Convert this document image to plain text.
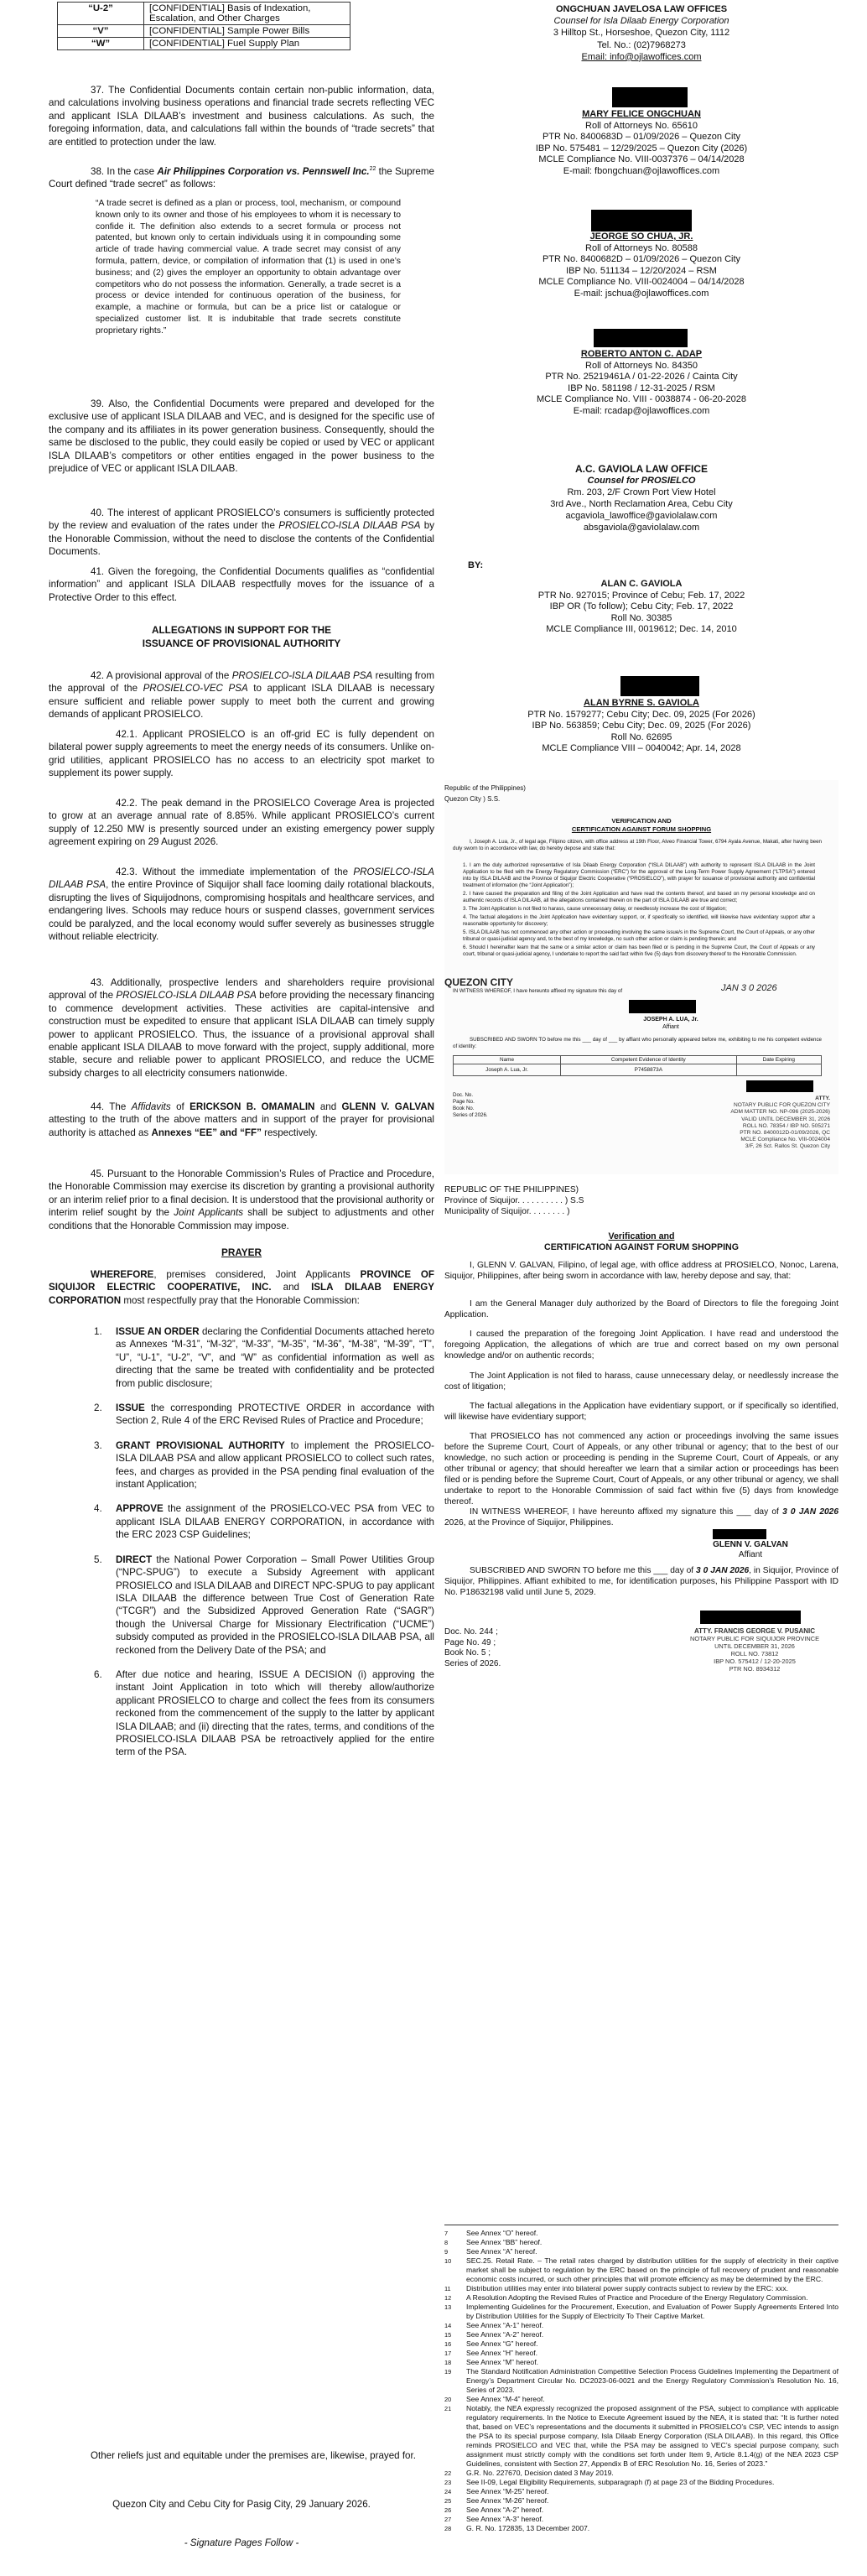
“U-2”	[CONFIDENTIAL] Basis of Indexation, Escalation, and Other Charges
“V”	[CONFIDENTIAL] Sample Power Bills
“W”	[CONFIDENTIAL] Fuel Supply Plan

37. The Confidential Documents contain certain non-public information, data, and calculations involving business operations and financial trade secrets reflecting VEC and applicant ISLA DILAAB’s investment and business calculations. As such, the foregoing information, data, and calculations fall within the bounds of “trade secrets” that are entitled to protection under the law.

38. In the case Air Philippines Corporation vs. Pennswell Inc.$^{22}$ the Supreme Court defined “trade secret” as follows:

“A trade secret is defined as a plan or process, tool, mechanism, or compound known only to its owner and those of his employees to whom it is necessary to confide it. The definition also extends to a secret formula or process not patented, but known only to certain individuals using it in compounding some article of trade having commercial value. A trade secret may consist of any formula, pattern, device, or compilation of information that (1) is used in one’s business; and (2) gives the employer an opportunity to obtain advantage over competitors who do not possess the information. Generally, a trade secret is a process or device intended for continuous operation of the business, for example, a machine or formula, but can be a price list or catalogue or specialized customer list. It is indubitable that trade secrets constitute proprietary rights.”

39. Also, the Confidential Documents were prepared and developed for the exclusive use of applicant ISLA DILAAB and VEC, and is designed for the specific use of the company and its affiliates in its power generation business. Consequently, should the same be disclosed to the public, they could easily be copied or used by VEC or applicant ISLA DILAAB’s competitors or other entities engaged in the power business to the prejudice of VEC or applicant ISLA DILAAB.

40. The interest of applicant PROSIELCO’s consumers is sufficiently protected by the review and evaluation of the rates under the PROSIELCO-ISLA DILAAB PSA by the Honorable Commission, without the need to disclose the contents of the Confidential Documents.

41. Given the foregoing, the Confidential Documents qualifies as “confidential information” and applicant ISLA DILAAB respectfully moves for the issuance of a Protective Order to this effect.

ALLEGATIONS IN SUPPORT FOR THE

ISSUANCE OF PROVISIONAL AUTHORITY

42. A provisional approval of the PROSIELCO-ISLA DILAAB PSA resulting from the approval of the PROSIELCO-VEC PSA to applicant ISLA DILAAB is necessary ensure sufficient and reliable power supply to meet both the current and growing demands of applicant PROSIELCO.

42.1. Applicant PROSIELCO is an off-grid EC is fully dependent on bilateral power supply agreements to meet the energy needs of its consumers. Unlike on-grid utilities, applicant PROSIELCO has no access to an electricity spot market to supplement its power supply.

42.2. The peak demand in the PROSIELCO Coverage Area is projected to grow at an average annual rate of 8.85%. While applicant PROSIELCO’s current supply of 12.250 MW is presently sourced under an existing emergency power supply agreement expiring on 29 August 2026.

42.3. Without the immediate implementation of the PROSIELCO-ISLA DILAAB PSA, the entire Province of Siquijor shall face looming daily rotational blackouts, disrupting the lives of Siquijodnons, compromising hospitals and healthcare services, and endangering lives. Schools may reduce hours or suspend classes, government services could be paralyzed, and the local economy would suffer severely as businesses struggle without reliable electricity.

43. Additionally, prospective lenders and shareholders require provisional approval of the PROSIELCO-ISLA DILAAB PSA before providing the necessary financing to commence development activities. These activities are capital-intensive and construction must be expedited to ensure that applicant ISLA DILAAB can timely supply power to applicant PROSIELCO. Thus, the issuance of a provisional approval shall enable applicant ISLA DILAAB to move forward with the project, supply additional, more stable, secure and reliable power to applicant PROSIELCO, and reduce the UCME subsidy charges to all electricity consumers nationwide.

44. The Affidavits of ERICKSON B. OMAMALIN and GLENN V. GALVAN attesting to the truth of the above matters and in support of the prayer for provisional authority is attached as Annexes “EE” and “FF” respectively.

45. Pursuant to the Honorable Commission’s Rules of Practice and Procedure, the Honorable Commission may exercise its discretion by granting a provisional authority or an interim relief prior to a final decision. It is understood that the provisional authority or interim relief sought by the Joint Applicants shall be subject to adjustments and other conditions that the Honorable Commission may impose.

PRAYER

WHEREFORE, premises considered, Joint Applicants PROVINCE OF SIQUIJOR ELECTRIC COOPERATIVE, INC. and ISLA DILAAB ENERGY CORPORATION most respectfully pray that the Honorable Commission:

1. ISSUE AN ORDER declaring the Confidential Documents attached hereto as Annexes “M-31”, “M-32”, “M-33”, “M-35”, “M-36”, “M-38”, “M-39”, “T”, “U”, “U-1”, “U-2”, “V”, and “W” as confidential information as well as directing that the same be treated with confidentiality and be protected from public disclosure;
2. ISSUE the corresponding PROTECTIVE ORDER in accordance with Section 2, Rule 4 of the ERC Revised Rules of Practice and Procedure;
3. GRANT PROVISIONAL AUTHORITY to implement the PROSIELCO-ISLA DILAAB PSA and allow applicant PROSIELCO to collect such rates, fees, and charges as provided in the PSA pending final evaluation of the instant Application;
4. APPROVE the assignment of the PROSIELCO-VEC PSA from VEC to applicant ISLA DILAAB ENERGY CORPORATION, in accordance with the ERC 2023 CSP Guidelines;
5. DIRECT the National Power Corporation – Small Power Utilities Group (“NPC-SPUG”) to execute a Subsidy Agreement with applicant PROSIELCO and ISLA DILAAB and DIRECT NPC-SPUG to pay applicant ISLA DILAAB the difference between True Cost of Generation Rate (“TCGR”) and the Subsidized Approved Generation Rate (“SAGR”) though the Universal Charge for Missionary Electrification (“UCME”) subsidy computed as provided in the PROSIELCO-ISLA DILAAB PSA, all reckoned from the Delivery Date of the PSA; and
6. After due notice and hearing, ISSUE A DECISION (i) approving the instant Joint Application in toto which will thereby allow/authorize applicant PROSIELCO to charge and collect the fees from its consumers reckoned from the commencement of the supply to the latter by applicant ISLA DILAAB; and (ii) directing that the rates, terms, and conditions of the PROSIELCO-ISLA DILAAB PSA be retroactively applied for the entire term of the PSA.

Other reliefs just and equitable under the premises are, likewise, prayed for.

Quezon City and Cebu City for Pasig City, 29 January 2026.

- Signature Pages Follow -

ONGCHUAN JAVELOSA LAW OFFICES

Counsel for Isla Dilaab Energy Corporation

3 Hilltop St., Horseshoe, Quezon City, 1112

Tel. No.: (02)7968273

Email: info@ojlawoffices.com

MARY FELICE ONGCHUAN

Roll of Attorneys No. 65610

PTR No. 8400683D – 01/09/2026 – Quezon City

IBP No. 575481 – 12/29/2025 – Quezon City (2026)

MCLE Compliance No. VIII-0037376 – 04/14/2028

E-mail: fbongchuan@ojlawoffices.com

JEORGE SO CHUA, JR.

Roll of Attorneys No. 80588

PTR No. 8400682D – 01/09/2026 – Quezon City

IBP No. 511134 – 12/20/2024 – RSM

MCLE Compliance No. VIII-0024004 – 04/14/2028

E-mail: jschua@ojlawoffices.com

ROBERTO ANTON C. ADAP

Roll of Attorneys No. 84350

PTR No. 25219461A / 01-22-2026 / Cainta City

IBP No. 581198 / 12-31-2025 / RSM

MCLE Compliance No. VIII - 0038874 - 06-20-2028

E-mail: rcadap@ojlawoffices.com

A.C. GAVIOLA LAW OFFICE

Counsel for PROSIELCO

Rm. 203, 2/F Crown Port View Hotel

3rd Ave., North Reclamation Area, Cebu City

acgaviola_lawoffice@gaviolalaw.com

absgaviola@gaviolalaw.com

BY:

ALAN C. GAVIOLA

PTR No. 927015; Province of Cebu; Feb. 17, 2022

IBP OR (To follow); Cebu City; Feb. 17, 2022

Roll No. 30385

MCLE Compliance III, 0019612; Dec. 14, 2010

ALAN BYRNE S. GAVIOLA

PTR No. 1579277; Cebu City; Dec. 09, 2025 (For 2026)

IBP No. 563859; Cebu City; Dec. 09, 2025 (For 2026)

Roll No. 62695

MCLE Compliance VIII – 0040042; Apr. 14, 2028

Republic of the Philippines)

Quezon City ) S.S.

VERIFICATION AND

CERTIFICATION AGAINST FORUM SHOPPING

I, Joseph A. Lua, Jr., of legal age, Filipino citizen, with office address at 19th Floor, Alveo Financial Tower, 6794 Ayala Avenue, Makati, after having been duly sworn to in accordance with law, do hereby depose and state that:

1. I am the duly authorized representative of Isla Dilaab Energy Corporation (“ISLA DILAAB”) with authority to represent ISLA DILAAB in the Joint Application to be filed with the Energy Regulatory Commission (“ERC”) for the approval of the Long-Term Power Supply Agreement (“LTPSA”) entered into by ISLA DILAAB and the Province of Siquijor Electric Cooperative (“PROSIELCO”), with prayer for issuance of provisional authority and confidential treatment of information (the “Joint Application”);

2. I have caused the preparation and filing of the Joint Application and have read the contents thereof, and based on my personal knowledge and on authentic records of ISLA DILAAB, all the allegations contained therein on the part of ISLA DILAAB are true and correct;

3. The Joint Application is not filed to harass, cause unnecessary delay, or needlessly increase the cost of litigation;

4. The factual allegations in the Joint Application have evidentiary support, or, if specifically so identified, will likewise have evidentiary support after a reasonable opportunity for discovery;

5. ISLA DILAAB has not commenced any other action or proceeding involving the same issue/s in the Supreme Court, the Court of Appeals, or any other tribunal or quasi-judicial agency and, to the best of my knowledge, no such other action or claim is pending therein; and

6. Should I hereinafter learn that the same or a similar action or claim has been filed or is pending in the Supreme Court, the Court of Appeals or any court, tribunal or quasi-judicial agency, I undertake to report the said fact within five (5) days from discovery thereof to the Honorable Commission.

IN WITNESS WHEREOF, I have hereunto affixed my signature this day of

QUEZON CITY	JAN 3 0 2026

JOSEPH A. LUA, Jr.

Affiant

SUBSCRIBED AND SWORN TO before me this ___ day of ___ by affiant who personally appeared before me, exhibiting to me his competent evidence of identity:

Name	Competent Evidence of Identity	Date Expiring
Joseph A. Lua, Jr.	P7458873A	

Doc. No.

Page No.

Book No.

Series of 2026.

ATTY.

NOTARY PUBLIC FOR QUEZON CITY

ADM MATTER NO. NP-096 (2025-2026)

VALID UNTIL DECEMBER 31, 2026

ROLL NO. 78354 / IBP NO. 505271

PTR NO. 8400012D-01/09/2026, QC

MCLE Compliance No. VIII-0024004

3/F, 26 Sct. Rallos St. Quezon City

REPUBLIC OF THE PHILIPPINES)

Province of Siquijor. . . . . . . . . . ) S.S

Municipality of Siquijor. . . . . . . . )

Verification and

CERTIFICATION AGAINST FORUM SHOPPING

I, GLENN V. GALVAN, Filipino, of legal age, with office address at PROSIELCO, Nonoc, Larena, Siquijor, Philippines, after being sworn in accordance with law, hereby depose and say, that:

I am the General Manager duly authorized by the Board of Directors to file the foregoing Joint Application.

I caused the preparation of the foregoing Joint Application. I have read and understood the foregoing Application, the allegations of which are true and correct based on my own personal knowledge and/or on authentic records;

The Joint Application is not filed to harass, cause unnecessary delay, or needlessly increase the cost of litigation;

The factual allegations in the Application have evidentiary support, or if specifically so identified, will likewise have evidentiary support;

That PROSIELCO has not commenced any action or proceedings involving the same issues before the Supreme Court, Court of Appeals, or any other tribunal or agency; that to the best of our knowledge, no such action or proceeding is pending in the Supreme Court, Court of Appeals, or any other tribunal or agency; that should hereafter we learn that a similar action or proceedings has been filed or is pending before the Supreme Court, Court of Appeals, or any other tribunal or agency, we shall undertake to report to the Honorable Commission of said fact within five (5) days from knowledge thereof.

IN WITNESS WHEREOF, I have hereunto affixed my signature this ___ day of 3 0 JAN 2026 2026, at the Province of Siquijor, Philippines.

GLENN V. GALVAN

Affiant

SUBSCRIBED AND SWORN TO before me this ___ day of 3 0 JAN 2026, in Siquijor, Province of Siquijor, Philippines. Affiant exhibited to me, for identification purposes, his Philippine Passport with ID No. P18632198 valid until June 5, 2029.

Doc. No. 244 ;

Page No. 49 ;

Book No. 5 ;

Series of 2026.

ATTY. FRANCIS GEORGE V. PUSANIC

NOTARY PUBLIC FOR SIQUIJOR PROVINCE

UNTIL DECEMBER 31, 2026

ROLL NO. 73812

IBP NO. 575412 / 12-20-2025

PTR NO. 8934312

7	See Annex “O” hereof.

8	See Annex “BB” hereof.

9	See Annex “A” hereof.

10 SEC.25. Retail Rate. – The retail rates charged by distribution utilities for the supply of electricity in their captive market shall be subject to regulation by the ERC based on the principle of full recovery of prudent and reasonable economic costs incurred, or such other principles that will promote efficiency as may be determined by the ERC.

11 Distribution utilities may enter into bilateral power supply contracts subject to review by the ERC: xxx.

12 A Resolution Adopting the Revised Rules of Practice and Procedure of the Energy Regulatory Commission.

13 Implementing Guidelines for the Procurement, Execution, and Evaluation of Power Supply Agreements Entered Into by Distribution Utilities for the Supply of Electricity To Their Captive Market.

14 See Annex “A-1” hereof.

15 See Annex “A-2” hereof.

16 See Annex “G” hereof.

17 See Annex “H” hereof.

18 See Annex “M” hereof.

19 The Standard Notification Administration Competitive Selection Process Guidelines Implementing the Department of Energy’s Department Circular No. DC2023-06-0021 and the Energy Regulatory Commission’s Resolution No. 16, Series of 2023.

20 See Annex “M-4” hereof.

21 Notably, the NEA expressly recognized the proposed assignment of the PSA, subject to compliance with applicable regulatory requirements. In the Notice to Execute Agreement issued by the NEA, it is stated that: “It is further noted that, based on VEC’s representations and the documents it submitted in PROSIELCO’s CSP, VEC intends to assign the PSA to its special purpose company, Isla Dilaab Energy Corporation (ISLA DILAAB). In this regard, this Office reminds PROSIELCO and VEC that, while the PSA may be assigned to VEC’s special purpose company, such assignment must strictly comply with the conditions set forth under Item 9, Article 8.1.4(g) of the NEA 2023 CSP Guidelines, consistent with Section 27, Appendix B of ERC Resolution No. 16, Series of 2023.”

22 G.R. No. 227670, Decision dated 3 May 2019.

23 See II-09, Legal Eligibility Requirements, subparagraph (f) at page 23 of the Bidding Procedures.

24 See Annex “M-25” hereof.

25 See Annex “M-26” hereof.

26 See Annex “A-2” hereof.

27 See Annex “A-3” hereof.

28 G. R. No. 172835, 13 December 2007.
